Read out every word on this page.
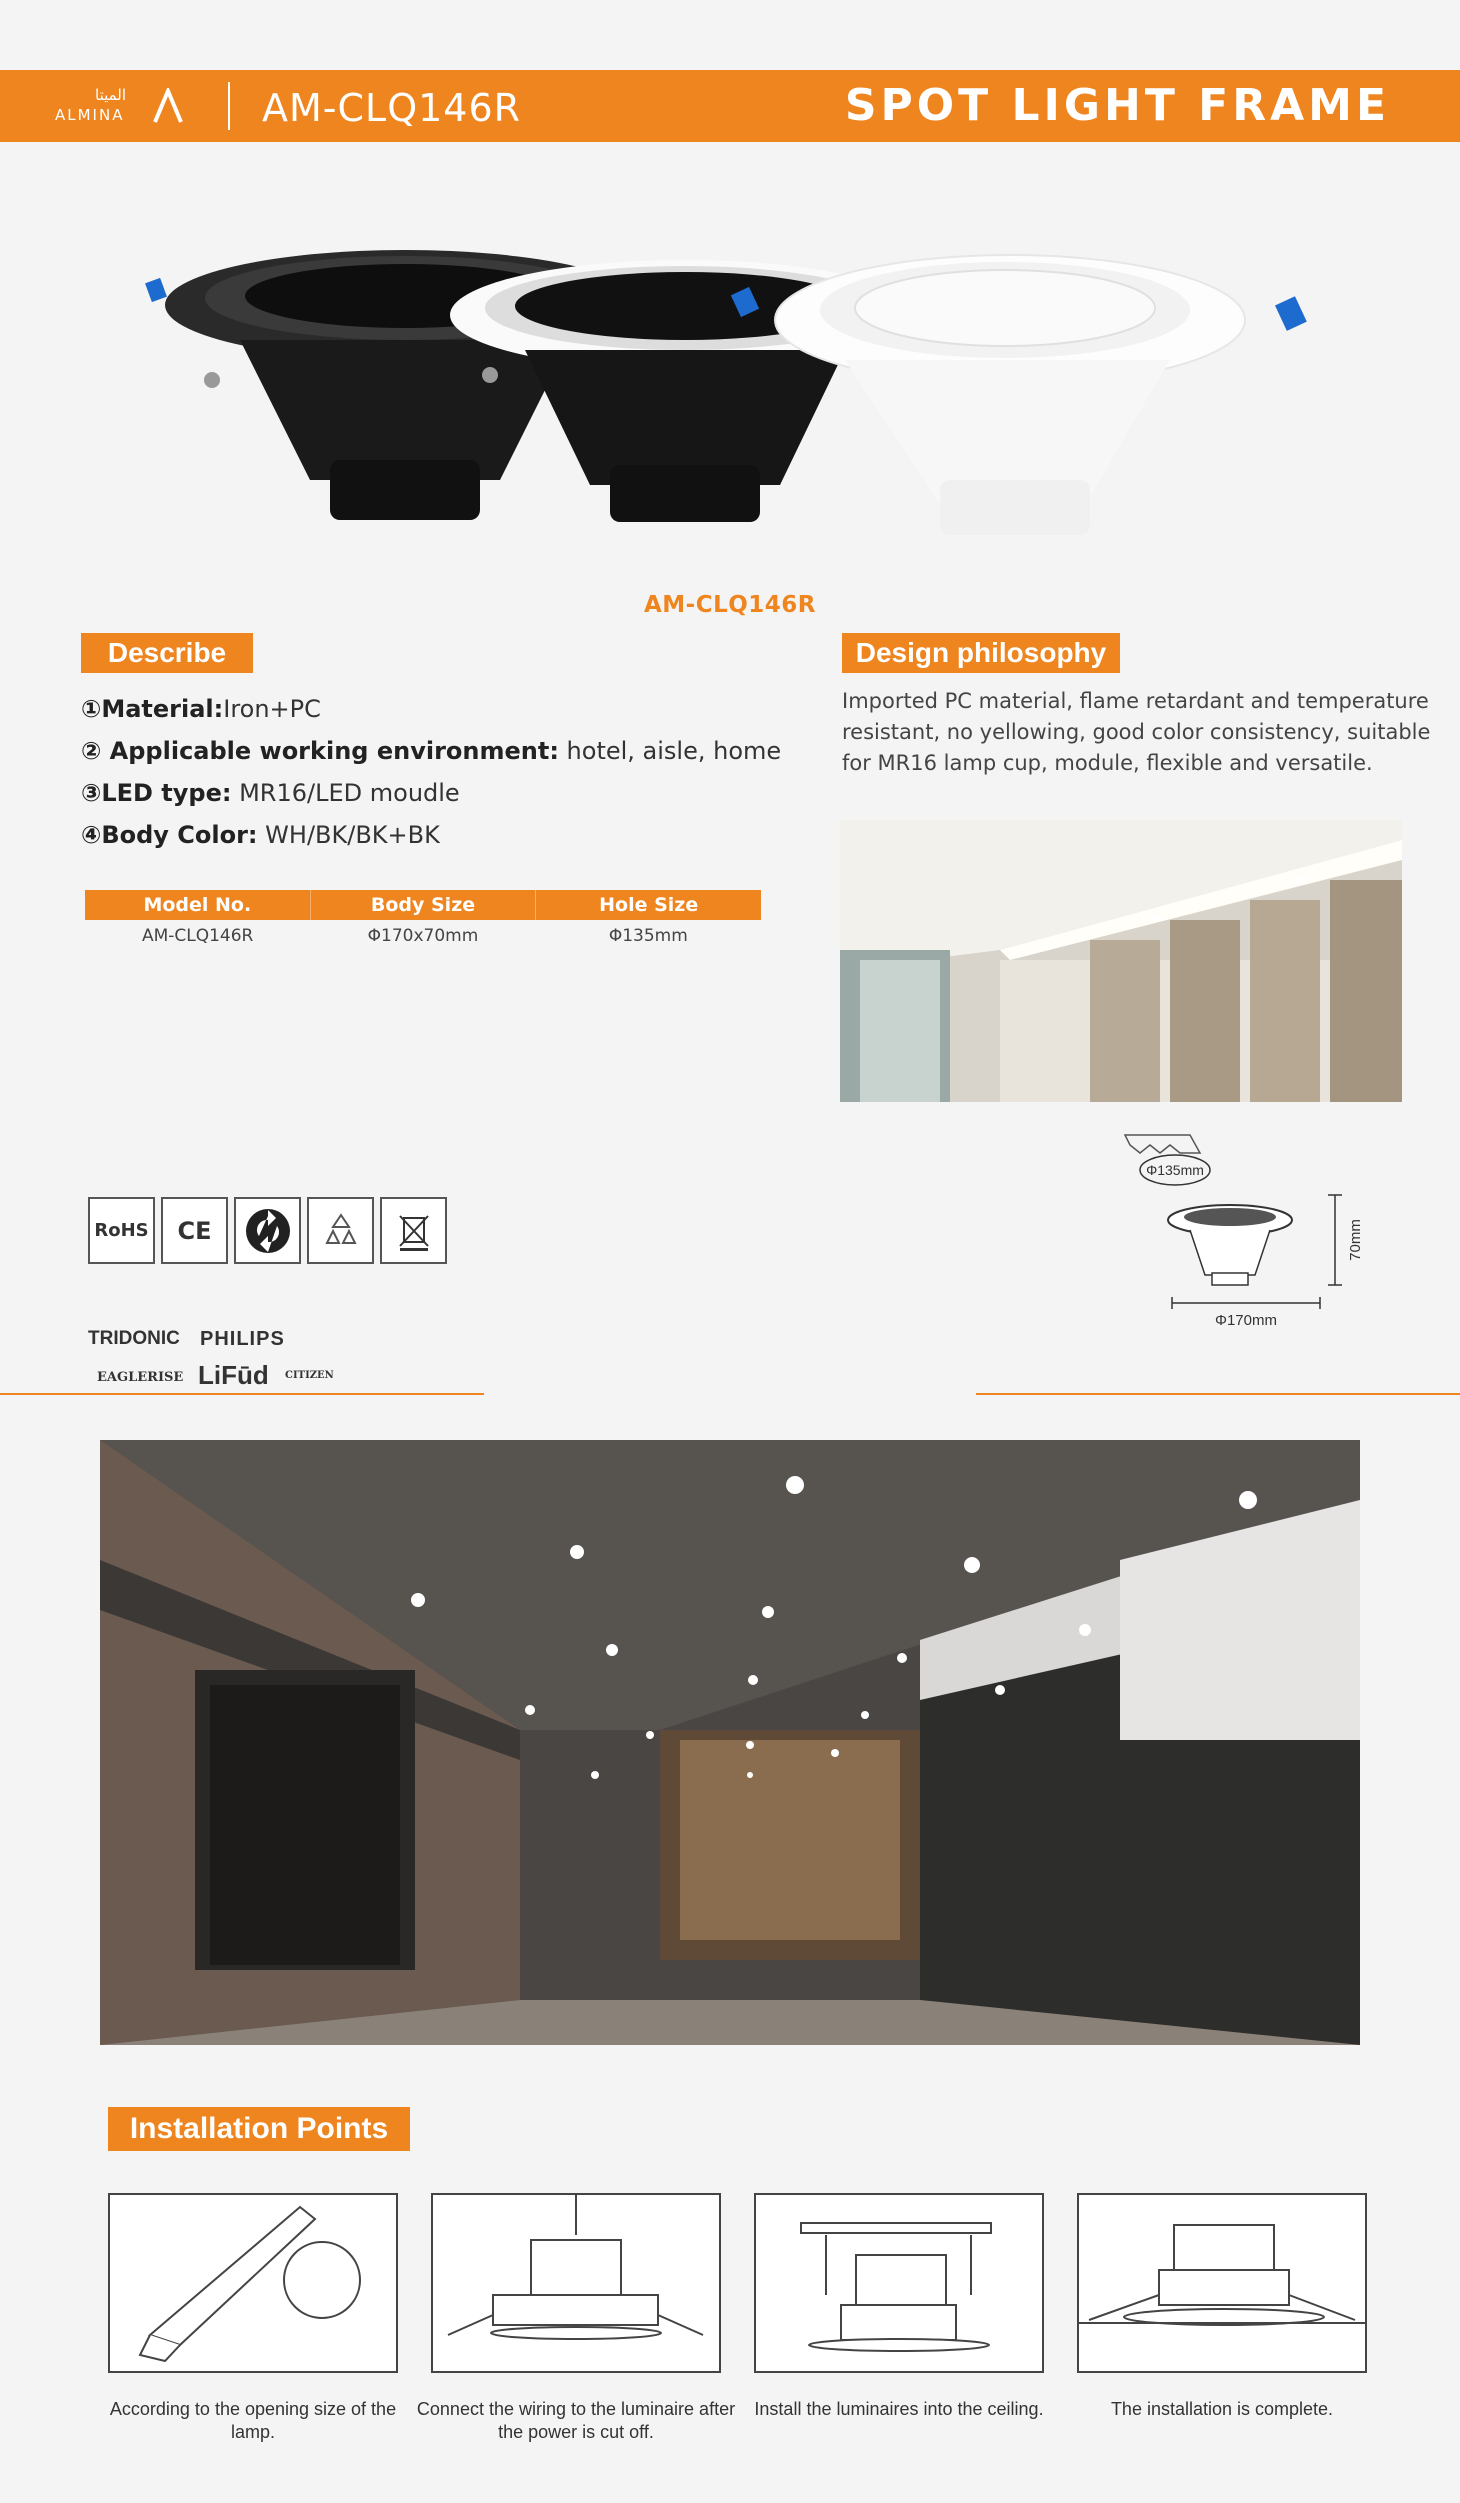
الميتا
ALMINA	AM-CLQ146R	SPOT LIGHT FRAME
AM-CLQ146R
Describe
①Material:Iron+PC
② Applicable working environment: hotel, aisle, home
③LED type: MR16/LED moudle
④Body Color: WH/BK/BK+BK
Design philosophy
Imported PC material, flame retardant and temperature resistant, no yellowing, good color consistency, suitable for MR16 lamp cup, module, flexible and versatile.
Model No.	Body Size	Hole Size
AM-CLQ146R	Φ170x70mm	Φ135mm
RoHS CE
TRIDONIC PHILIPS
EAGLERISE LiFūd CITIZEN
Φ135mm
70mm
Φ170mm
Installation Points
According to the opening size of the lamp.
Connect the wiring to the luminaire after the power is cut off.
Install the luminaires into the ceiling.	The installation is complete.
